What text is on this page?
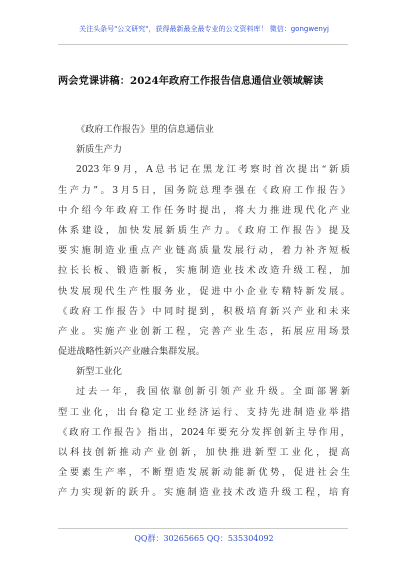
关注头条号"公文研究"，获得最新最全最专业的公文资料库！ 微信：gongwenyj
两会党课讲稿：2024年政府工作报告信息通信业领域解读
《政府工作报告》里的信息通信业
新质生产力
2023年9月，A总书记在黑龙江考察时首次提出“新质
生产力”。3月5日，国务院总理李强在《政府工作报告》
中介绍今年政府工作任务时提出，将大力推进现代化产业
体系建设，加快发展新质生产力。《政府工作报告》提及
要实施制造业重点产业链高质量发展行动，着力补齐短板
拉长长板、锻造新板，实施制造业技术改造升级工程，加
快发展现代生产性服务业，促进中小企业专精特新发展。
《政府工作报告》中同时提到，积极培育新兴产业和未来
产业。实施产业创新工程，完善产业生态，拓展应用场景
促进战略性新兴产业融合集群发展。
新型工业化
过去一年，我国依靠创新引领产业升级。全面部署新
型工业化，出台稳定工业经济运行、支持先进制造业举措
《政府工作报告》指出，2024年要充分发挥创新主导作用，
以科技创新推动产业创新，加快推进新型工业化，提高
全要素生产率，不断塑造发展新动能新优势，促进社会生
产力实现新的跃升。实施制造业技术改造升级工程，培育
QQ群：30265665 QQ：535304092
